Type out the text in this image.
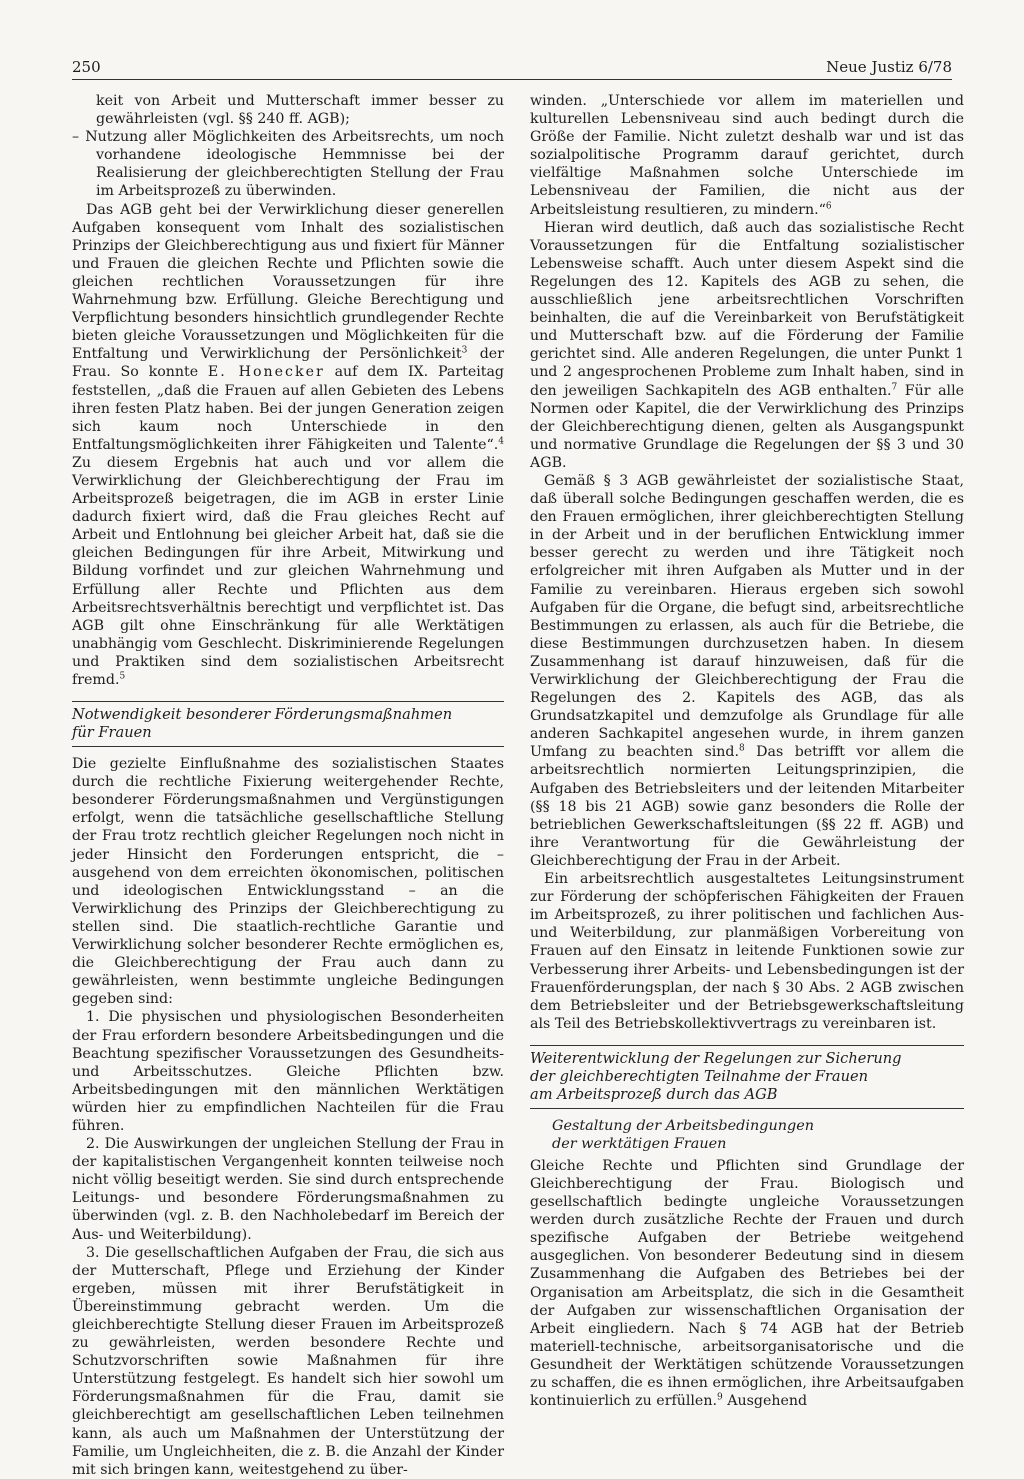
250	Neue Justiz 6/78

keit von Arbeit und Mutterschaft immer besser zu gewährleisten (vgl. §§ 240 ff. AGB);

– Nutzung aller Möglichkeiten des Arbeitsrechts, um noch vorhandene ideologische Hemmnisse bei der Realisierung der gleichberechtigten Stellung der Frau im Arbeitsprozeß zu überwinden.

Das AGB geht bei der Verwirklichung dieser generellen Aufgaben konsequent vom Inhalt des sozialistischen Prinzips der Gleichberechtigung aus und fixiert für Männer und Frauen die gleichen Rechte und Pflichten sowie die gleichen rechtlichen Voraussetzungen für ihre Wahrnehmung bzw. Erfüllung. Gleiche Berechtigung und Verpflichtung besonders hinsichtlich grundlegender Rechte bieten gleiche Voraussetzungen und Möglichkeiten für die Entfaltung und Verwirklichung der Persönlichkeit$^3$ der Frau. So konnte E. Honecker auf dem IX. Parteitag feststellen, „daß die Frauen auf allen Gebieten des Lebens ihren festen Platz haben. Bei der jungen Generation zeigen sich kaum noch Unterschiede in den Entfaltungsmöglichkeiten ihrer Fähigkeiten und Talente“.$^4$ Zu diesem Ergebnis hat auch und vor allem die Verwirklichung der Gleichberechtigung der Frau im Arbeitsprozeß beigetragen, die im AGB in erster Linie dadurch fixiert wird, daß die Frau gleiches Recht auf Arbeit und Entlohnung bei gleicher Arbeit hat, daß sie die gleichen Bedingungen für ihre Arbeit, Mitwirkung und Bildung vorfindet und zur gleichen Wahrnehmung und Erfüllung aller Rechte und Pflichten aus dem Arbeitsrechtsverhältnis berechtigt und verpflichtet ist. Das AGB gilt ohne Einschränkung für alle Werktätigen unabhängig vom Geschlecht. Diskriminierende Regelungen und Praktiken sind dem sozialistischen Arbeitsrecht fremd.$^5$

Notwendigkeit besonderer Förderungsmaßnahmen
für Frauen

Die gezielte Einflußnahme des sozialistischen Staates durch die rechtliche Fixierung weitergehender Rechte, besonderer Förderungsmaßnahmen und Vergünstigungen erfolgt, wenn die tatsächliche gesellschaftliche Stellung der Frau trotz rechtlich gleicher Regelungen noch nicht in jeder Hinsicht den Forderungen entspricht, die – ausgehend von dem erreichten ökonomischen, politischen und ideologischen Entwicklungsstand – an die Verwirklichung des Prinzips der Gleichberechtigung zu stellen sind. Die staatlich-rechtliche Garantie und Verwirklichung solcher besonderer Rechte ermöglichen es, die Gleichberechtigung der Frau auch dann zu gewährleisten, wenn bestimmte ungleiche Bedingungen gegeben sind:

1. Die physischen und physiologischen Besonderheiten der Frau erfordern besondere Arbeitsbedingungen und die Beachtung spezifischer Voraussetzungen des Gesundheits- und Arbeitsschutzes. Gleiche Pflichten bzw. Arbeitsbedingungen mit den männlichen Werktätigen würden hier zu empfindlichen Nachteilen für die Frau führen.

2. Die Auswirkungen der ungleichen Stellung der Frau in der kapitalistischen Vergangenheit konnten teilweise noch nicht völlig beseitigt werden. Sie sind durch entsprechende Leitungs- und besondere Förderungsmaßnahmen zu überwinden (vgl. z. B. den Nachholebedarf im Bereich der Aus- und Weiterbildung).

3. Die gesellschaftlichen Aufgaben der Frau, die sich aus der Mutterschaft, Pflege und Erziehung der Kinder ergeben, müssen mit ihrer Berufstätigkeit in Übereinstimmung gebracht werden. Um die gleichberechtigte Stellung dieser Frauen im Arbeitsprozeß zu gewährleisten, werden besondere Rechte und Schutzvorschriften sowie Maßnahmen für ihre Unterstützung festgelegt. Es handelt sich hier sowohl um Förderungsmaßnahmen für die Frau, damit sie gleichberechtigt am gesellschaftlichen Leben teilnehmen kann, als auch um Maßnahmen der Unterstützung der Familie, um Ungleichheiten, die z. B. die Anzahl der Kinder mit sich bringen kann, weitestgehend zu über-

winden. „Unterschiede vor allem im materiellen und kulturellen Lebensniveau sind auch bedingt durch die Größe der Familie. Nicht zuletzt deshalb war und ist das sozialpolitische Programm darauf gerichtet, durch vielfältige Maßnahmen solche Unterschiede im Lebensniveau der Familien, die nicht aus der Arbeitsleistung resultieren, zu mindern.“$^6$

Hieran wird deutlich, daß auch das sozialistische Recht Voraussetzungen für die Entfaltung sozialistischer Lebensweise schafft. Auch unter diesem Aspekt sind die Regelungen des 12. Kapitels des AGB zu sehen, die ausschließlich jene arbeitsrechtlichen Vorschriften beinhalten, die auf die Vereinbarkeit von Berufstätigkeit und Mutterschaft bzw. auf die Förderung der Familie gerichtet sind. Alle anderen Regelungen, die unter Punkt 1 und 2 angesprochenen Probleme zum Inhalt haben, sind in den jeweiligen Sachkapiteln des AGB enthalten.$^7$ Für alle Normen oder Kapitel, die der Verwirklichung des Prinzips der Gleichberechtigung dienen, gelten als Ausgangspunkt und normative Grundlage die Regelungen der §§ 3 und 30 AGB.

Gemäß § 3 AGB gewährleistet der sozialistische Staat, daß überall solche Bedingungen geschaffen werden, die es den Frauen ermöglichen, ihrer gleichberechtigten Stellung in der Arbeit und in der beruflichen Entwicklung immer besser gerecht zu werden und ihre Tätigkeit noch erfolgreicher mit ihren Aufgaben als Mutter und in der Familie zu vereinbaren. Hieraus ergeben sich sowohl Aufgaben für die Organe, die befugt sind, arbeitsrechtliche Bestimmungen zu erlassen, als auch für die Betriebe, die diese Bestimmungen durchzusetzen haben. In diesem Zusammenhang ist darauf hinzuweisen, daß für die Verwirklichung der Gleichberechtigung der Frau die Regelungen des 2. Kapitels des AGB, das als Grundsatzkapitel und demzufolge als Grundlage für alle anderen Sachkapitel angesehen wurde, in ihrem ganzen Umfang zu beachten sind.$^8$ Das betrifft vor allem die arbeitsrechtlich normierten Leitungsprinzipien, die Aufgaben des Betriebsleiters und der leitenden Mitarbeiter (§§ 18 bis 21 AGB) sowie ganz besonders die Rolle der betrieblichen Gewerkschaftsleitungen (§§ 22 ff. AGB) und ihre Verantwortung für die Gewährleistung der Gleichberechtigung der Frau in der Arbeit.

Ein arbeitsrechtlich ausgestaltetes Leitungsinstrument zur Förderung der schöpferischen Fähigkeiten der Frauen im Arbeitsprozeß, zu ihrer politischen und fachlichen Aus- und Weiterbildung, zur planmäßigen Vorbereitung von Frauen auf den Einsatz in leitende Funktionen sowie zur Verbesserung ihrer Arbeits- und Lebensbedingungen ist der Frauenförderungsplan, der nach § 30 Abs. 2 AGB zwischen dem Betriebsleiter und der Betriebsgewerkschaftsleitung als Teil des Betriebskollektivvertrags zu vereinbaren ist.

Weiterentwicklung der Regelungen zur Sicherung
der gleichberechtigten Teilnahme der Frauen
am Arbeitsprozeß durch das AGB
Gestaltung der Arbeitsbedingungen
der werktätigen Frauen

Gleiche Rechte und Pflichten sind Grundlage der Gleichberechtigung der Frau. Biologisch und gesellschaftlich bedingte ungleiche Voraussetzungen werden durch zusätzliche Rechte der Frauen und durch spezifische Aufgaben der Betriebe weitgehend ausgeglichen. Von besonderer Bedeutung sind in diesem Zusammenhang die Aufgaben des Betriebes bei der Organisation am Arbeitsplatz, die sich in die Gesamtheit der Aufgaben zur wissenschaftlichen Organisation der Arbeit eingliedern. Nach § 74 AGB hat der Betrieb materiell-technische, arbeitsorganisatorische und die Gesundheit der Werktätigen schützende Voraussetzungen zu schaffen, die es ihnen ermöglichen, ihre Arbeitsaufgaben kontinuierlich zu erfüllen.$^9$ Ausgehend
